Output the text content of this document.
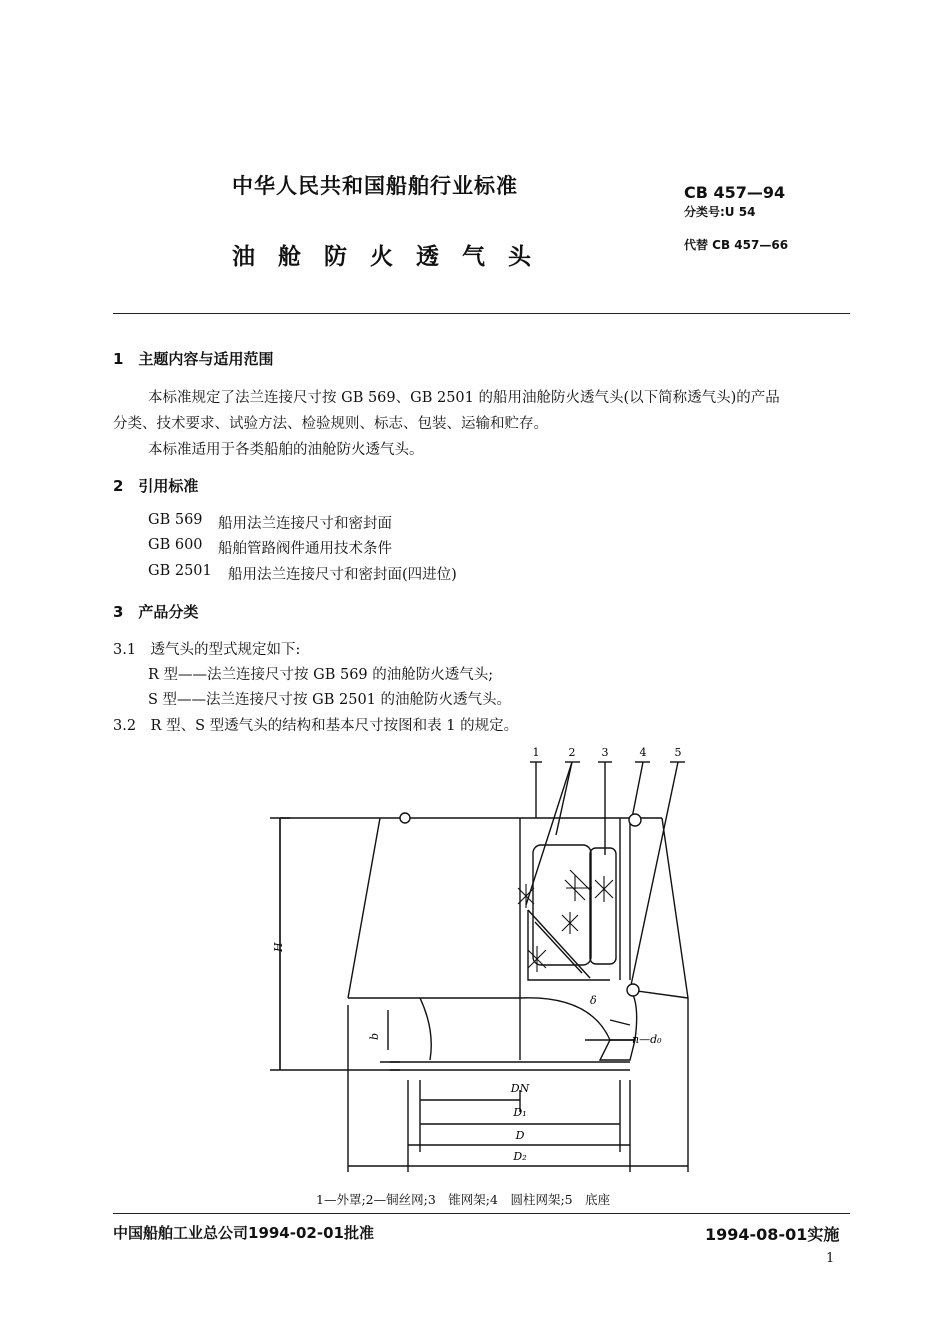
中华人民共和国船舶行业标准
油舱防火透气头
CB 457—94
分类号:U 54
代替 CB 457—66
1　主题内容与适用范围
本标准规定了法兰连接尺寸按 GB 569、GB 2501 的船用油舱防火透气头(以下简称透气头)的产品
分类、技术要求、试验方法、检验规则、标志、包装、运输和贮存。
本标准适用于各类船舶的油舱防火透气头。
2　引用标准
GB 569 船用法兰连接尺寸和密封面
GB 600 船舶管路阀件通用技术条件
GB 2501 船用法兰连接尺寸和密封面(四进位)
3　产品分类
3.1　透气头的型式规定如下:
R 型——法兰连接尺寸按 GB 569 的油舱防火透气头;
S 型——法兰连接尺寸按 GB 2501 的油舱防火透气头。
3.2　R 型、S 型透气头的结构和基本尺寸按图和表 1 的规定。
1	2 3	4	5
H
b
δ
n—d₀
DN
D₁
D
D₂
1—外罩;2—铜丝网;3　锥网架;4　圆柱网架;5　底座
中国船舶工业总公司1994-02-01批准	1994-08-01实施
1
